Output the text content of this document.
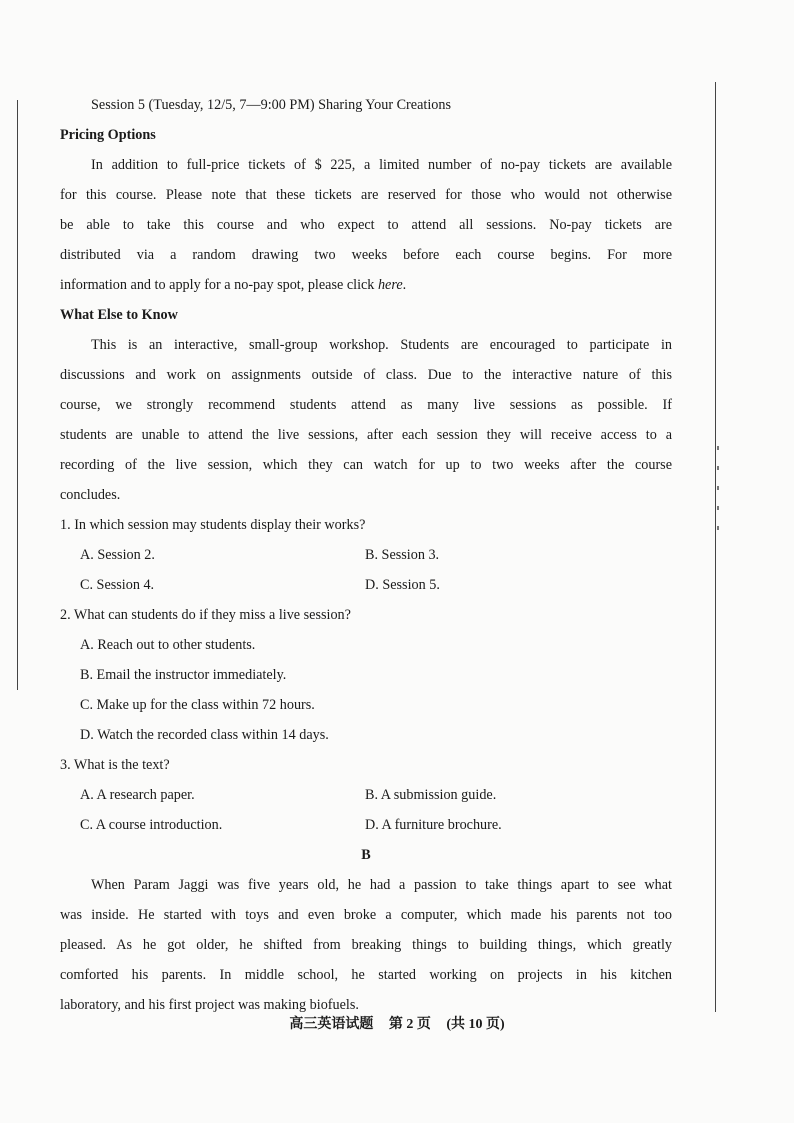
Session 5 (Tuesday, 12/5, 7—9:00 PM) Sharing Your Creations
Pricing Options
In addition to full-price tickets of $ 225, a limited number of no-pay tickets are available
for this course. Please note that these tickets are reserved for those who would not otherwise
be able to take this course and who expect to attend all sessions. No-pay tickets are
distributed via a random drawing two weeks before each course begins. For more
information and to apply for a no-pay spot, please click here.
What Else to Know
This is an interactive, small-group workshop. Students are encouraged to participate in
discussions and work on assignments outside of class. Due to the interactive nature of this
course, we strongly recommend students attend as many live sessions as possible. If
students are unable to attend the live sessions, after each session they will receive access to a
recording of the live session, which they can watch for up to two weeks after the course
concludes.
1. In which session may students display their works?
A. Session 2.	B. Session 3.
C. Session 4.	D. Session 5.
2. What can students do if they miss a live session?
A. Reach out to other students.
B. Email the instructor immediately.
C. Make up for the class within 72 hours.
D. Watch the recorded class within 14 days.
3. What is the text?
A. A research paper.	B. A submission guide.
C. A course introduction.	D. A furniture brochure.
B
When Param Jaggi was five years old, he had a passion to take things apart to see what
was inside. He started with toys and even broke a computer, which made his parents not too
pleased. As he got older, he shifted from breaking things to building things, which greatly
comforted his parents. In middle school, he started working on projects in his kitchen
laboratory, and his first project was making biofuels.
高三英语试题 第 2 页 (共 10 页)
